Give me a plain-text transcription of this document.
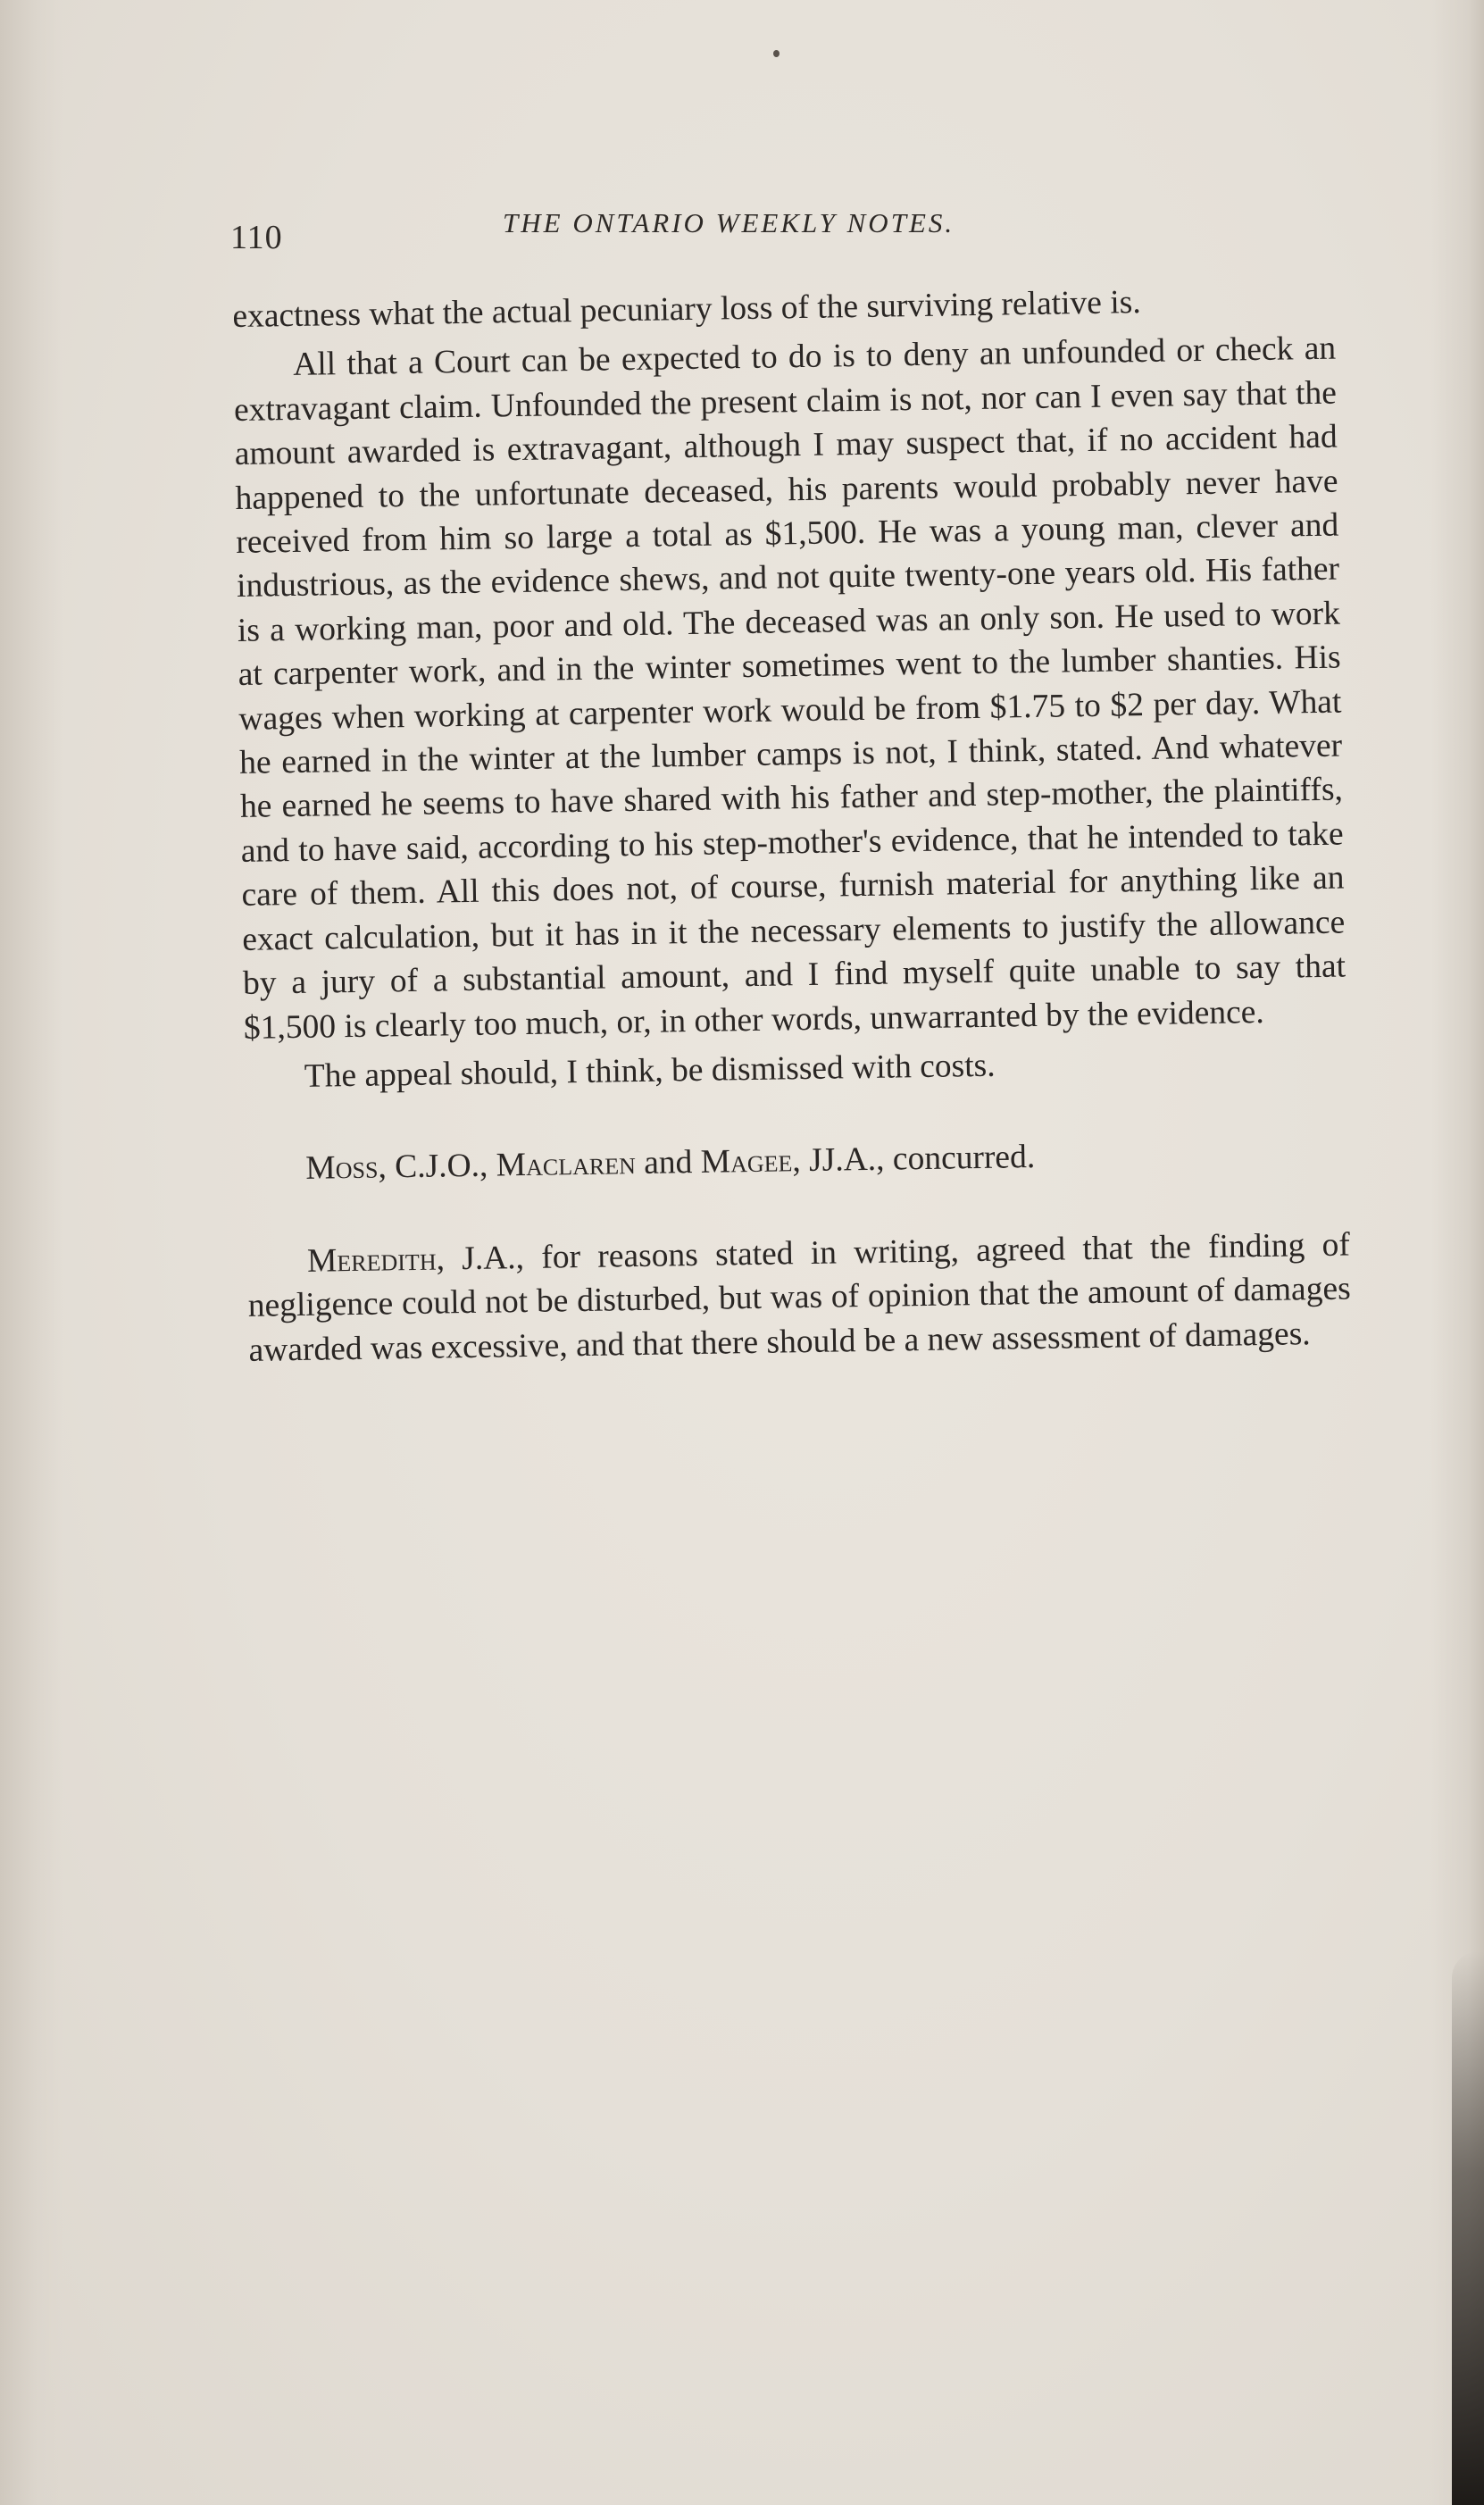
110	THE ONTARIO WEEKLY NOTES.

exactness what the actual pecuniary loss of the surviving relative is.

All that a Court can be expected to do is to deny an unfounded or check an extravagant claim. Unfounded the present claim is not, nor can I even say that the amount awarded is extravagant, although I may suspect that, if no accident had happened to the unfortunate deceased, his parents would probably never have received from him so large a total as $1,500. He was a young man, clever and industrious, as the evidence shews, and not quite twenty-one years old. His father is a working man, poor and old. The deceased was an only son. He used to work at carpenter work, and in the winter sometimes went to the lumber shanties. His wages when working at carpenter work would be from $1.75 to $2 per day. What he earned in the winter at the lumber camps is not, I think, stated. And whatever he earned he seems to have shared with his father and step-mother, the plaintiffs, and to have said, according to his step-mother's evidence, that he intended to take care of them. All this does not, of course, furnish material for anything like an exact calculation, but it has in it the necessary elements to justify the allowance by a jury of a substantial amount, and I find myself quite unable to say that $1,500 is clearly too much, or, in other words, unwarranted by the evidence.

The appeal should, I think, be dismissed with costs.

Moss, C.J.O., Maclaren and Magee, JJ.A., concurred.

Meredith, J.A., for reasons stated in writing, agreed that the finding of negligence could not be disturbed, but was of opinion that the amount of damages awarded was excessive, and that there should be a new assessment of damages.
